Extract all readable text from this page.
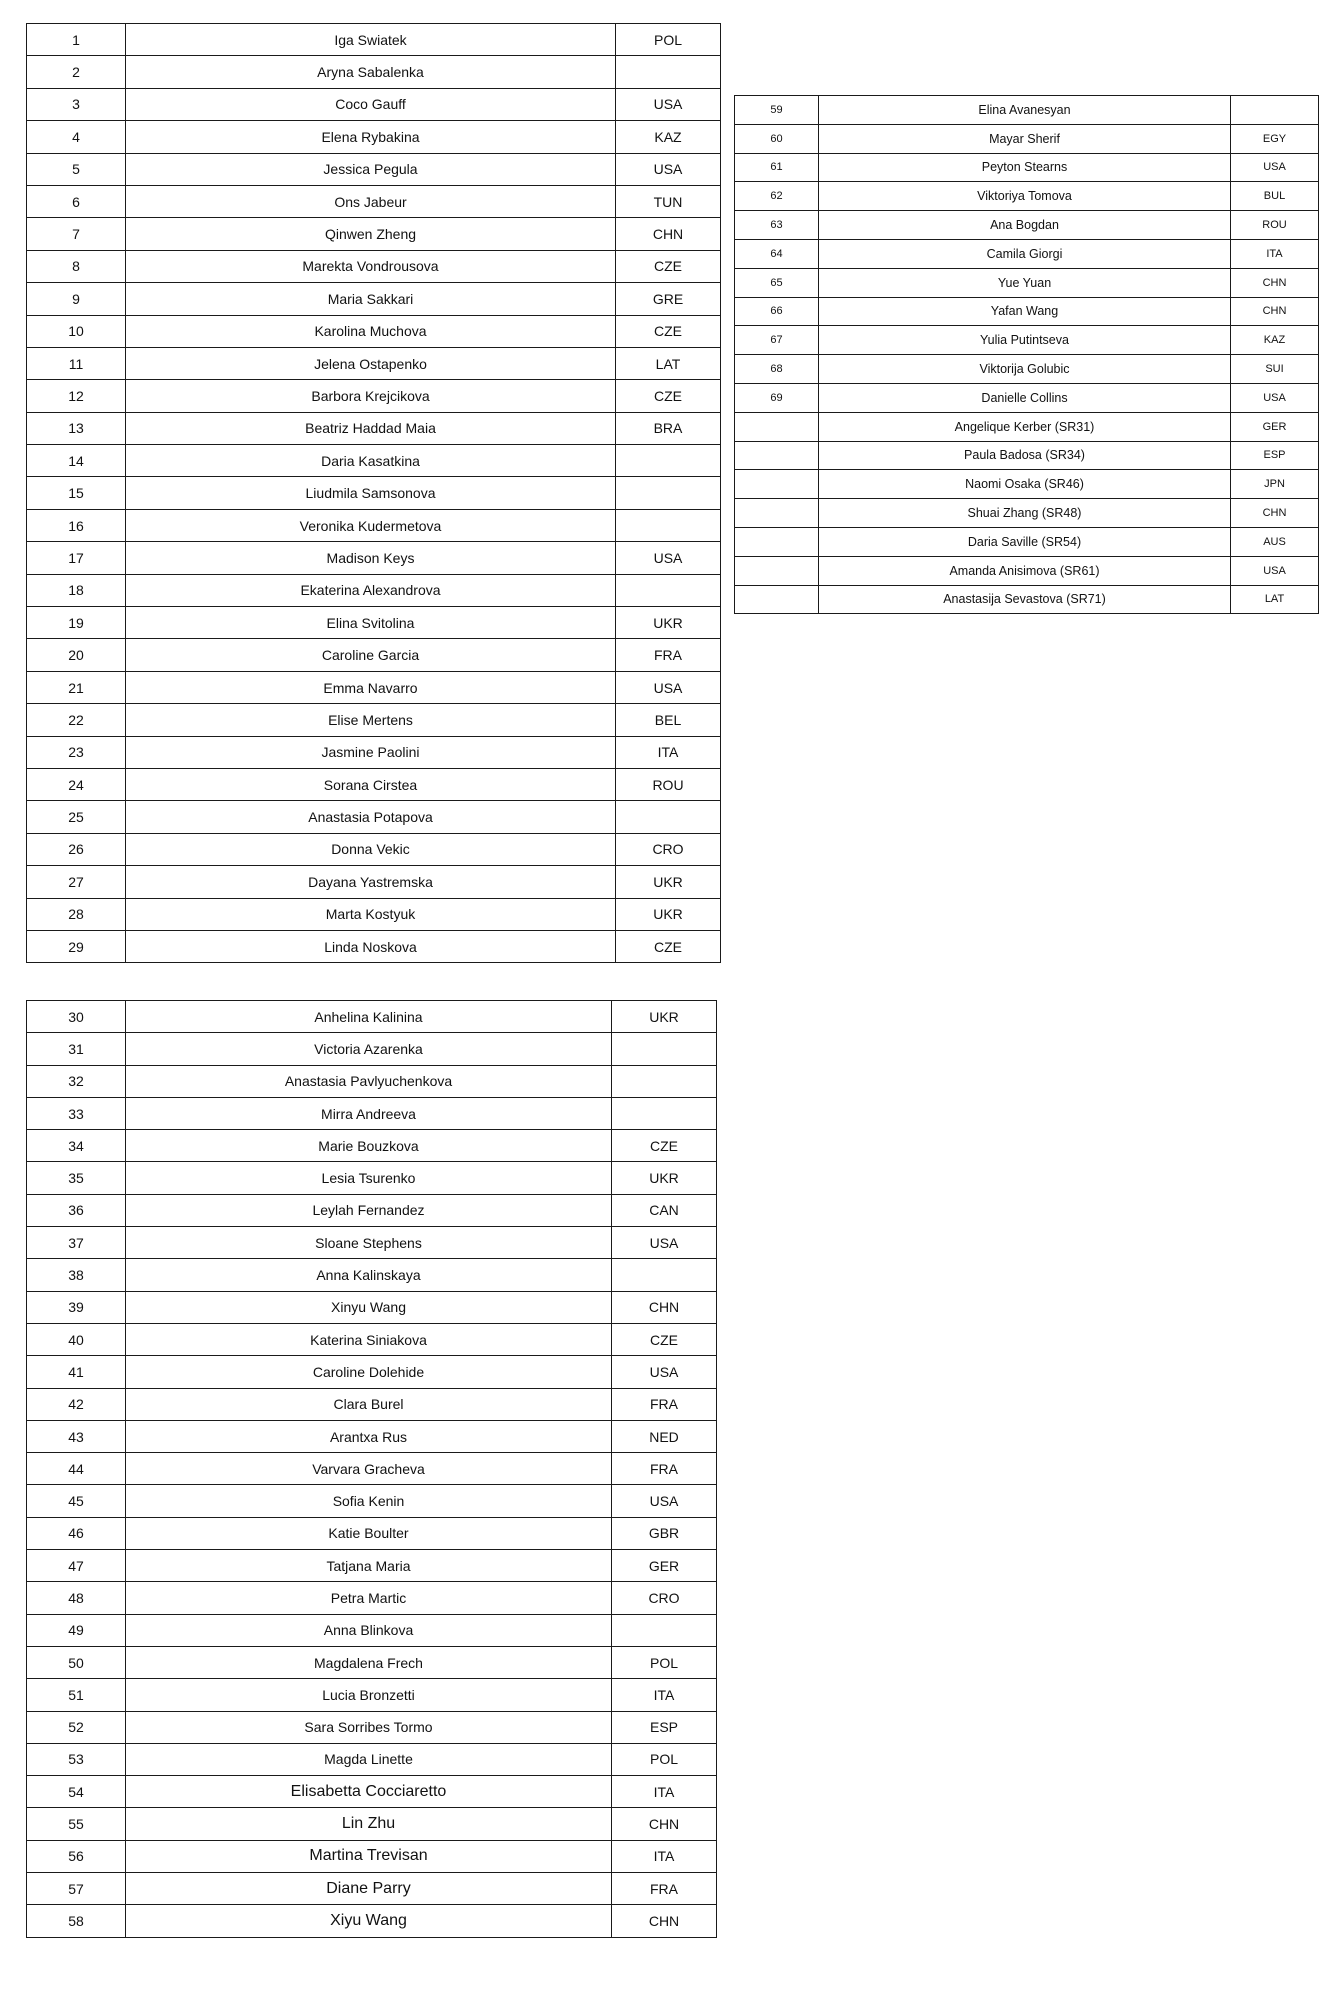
1	Iga Swiatek	POL
2	Aryna Sabalenka	
3	Coco Gauff	USA
4	Elena Rybakina	KAZ
5	Jessica Pegula	USA
6	Ons Jabeur	TUN
7	Qinwen Zheng	CHN
8	Marekta Vondrousova	CZE
9	Maria Sakkari	GRE
10	Karolina Muchova	CZE
11	Jelena Ostapenko	LAT
12	Barbora Krejcikova	CZE
13	Beatriz Haddad Maia	BRA
14	Daria Kasatkina	
15	Liudmila Samsonova	
16	Veronika Kudermetova	
17	Madison Keys	USA
18	Ekaterina Alexandrova	
19	Elina Svitolina	UKR
20	Caroline Garcia	FRA
21	Emma Navarro	USA
22	Elise Mertens	BEL
23	Jasmine Paolini	ITA
24	Sorana Cirstea	ROU
25	Anastasia Potapova	
26	Donna Vekic	CRO
27	Dayana Yastremska	UKR
28	Marta Kostyuk	UKR
29	Linda Noskova	CZE
30	Anhelina Kalinina	UKR
31	Victoria Azarenka	
32	Anastasia Pavlyuchenkova	
33	Mirra Andreeva	
34	Marie Bouzkova	CZE
35	Lesia Tsurenko	UKR
36	Leylah Fernandez	CAN
37	Sloane Stephens	USA
38	Anna Kalinskaya	
39	Xinyu Wang	CHN
40	Katerina Siniakova	CZE
41	Caroline Dolehide	USA
42	Clara Burel	FRA
43	Arantxa Rus	NED
44	Varvara Gracheva	FRA
45	Sofia Kenin	USA
46	Katie Boulter	GBR
47	Tatjana Maria	GER
48	Petra Martic	CRO
49	Anna Blinkova	
50	Magdalena Frech	POL
51	Lucia Bronzetti	ITA
52	Sara Sorribes Tormo	ESP
53	Magda Linette	POL
54	Elisabetta Cocciaretto	ITA
55	Lin Zhu	CHN
56	Martina Trevisan	ITA
57	Diane Parry	FRA
58	Xiyu Wang	CHN
59	Elina Avanesyan	
60	Mayar Sherif	EGY
61	Peyton Stearns	USA
62	Viktoriya Tomova	BUL
63	Ana Bogdan	ROU
64	Camila Giorgi	ITA
65	Yue Yuan	CHN
66	Yafan Wang	CHN
67	Yulia Putintseva	KAZ
68	Viktorija Golubic	SUI
69	Danielle Collins	USA
	Angelique Kerber (SR31)	GER
	Paula Badosa (SR34)	ESP
	Naomi Osaka (SR46)	JPN
	Shuai Zhang (SR48)	CHN
	Daria Saville (SR54)	AUS
	Amanda Anisimova (SR61)	USA
	Anastasija Sevastova (SR71)	LAT
